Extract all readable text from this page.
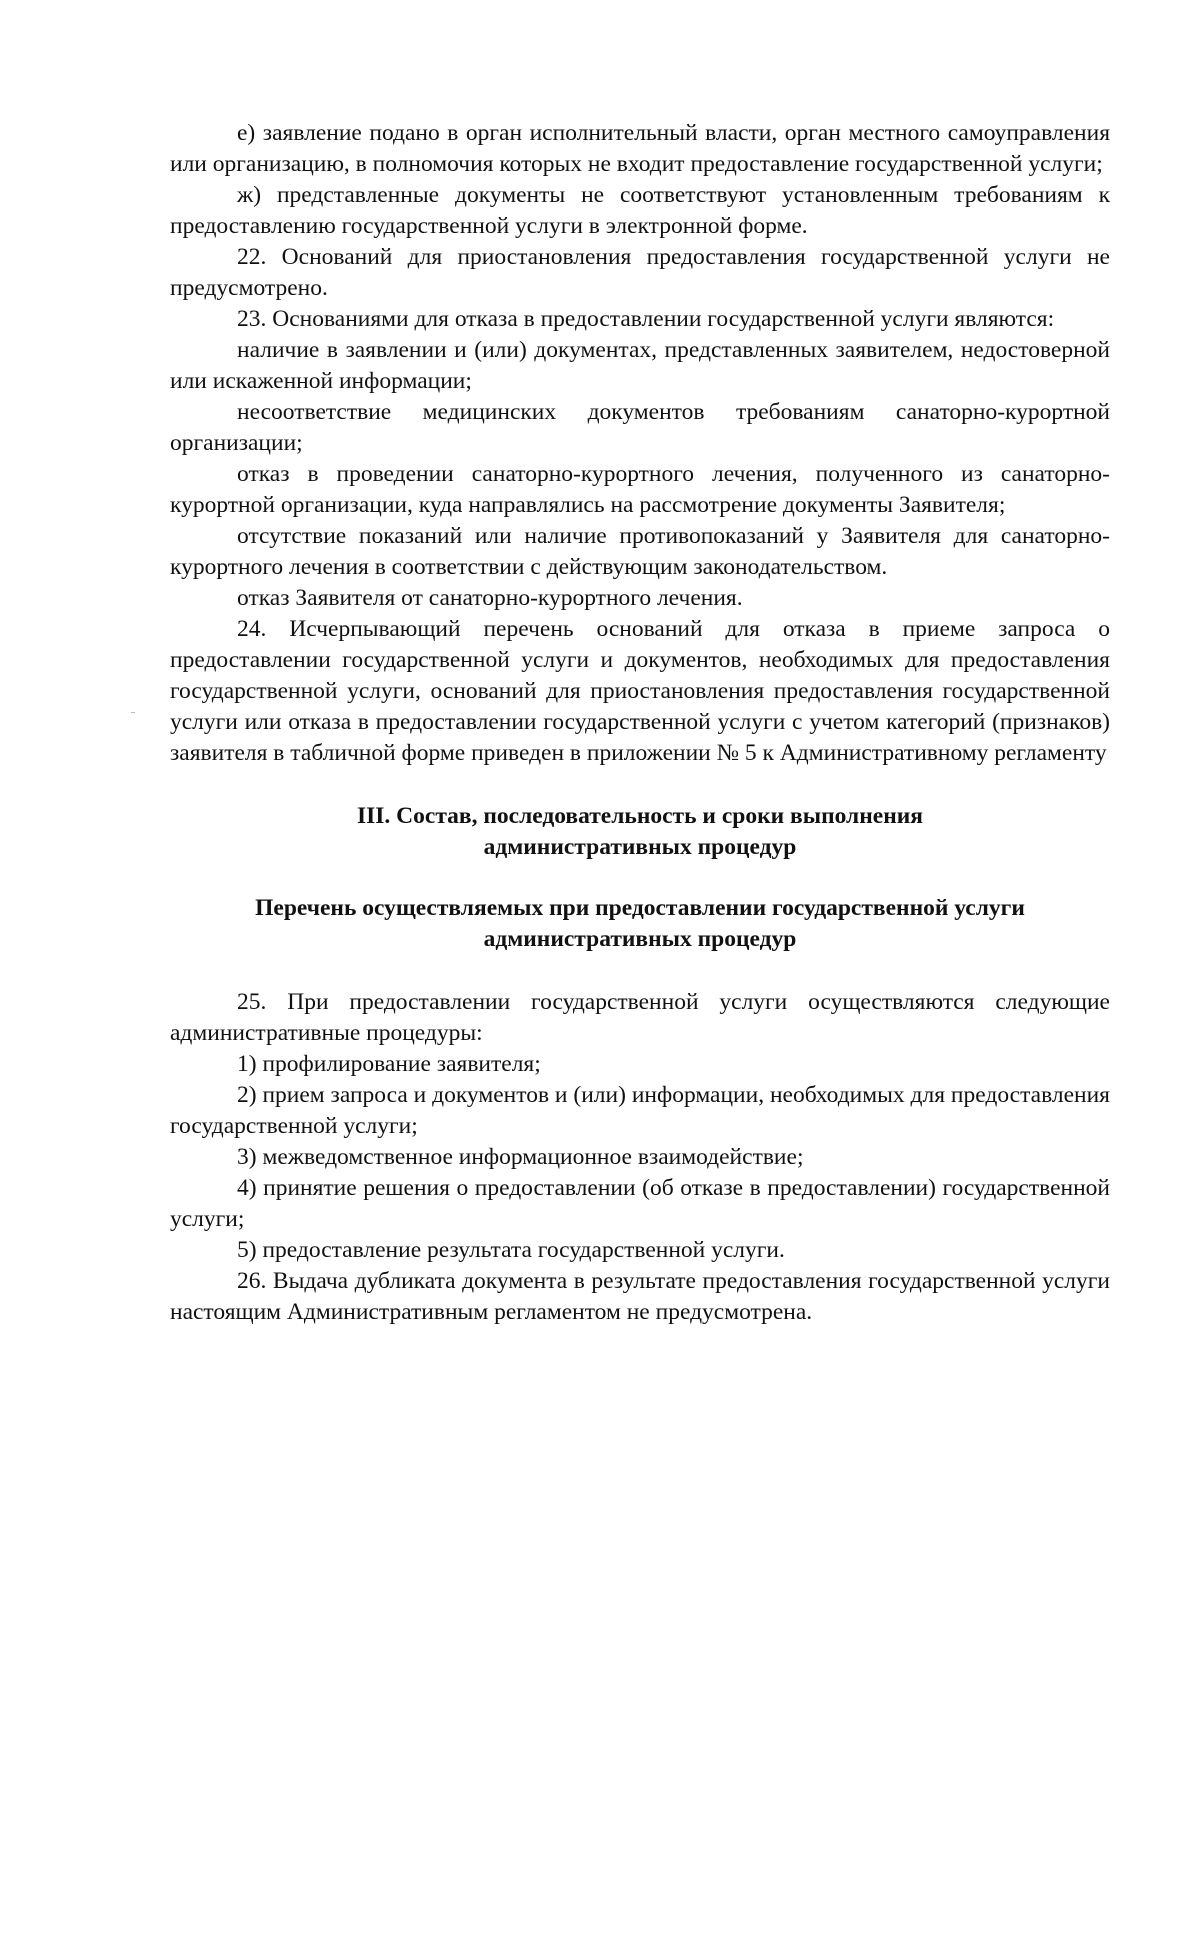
е) заявление подано в орган исполнительный власти, орган местного самоуправления или организацию, в полномочия которых не входит предоставление государственной услуги;

ж) представленные документы не соответствуют установленным требованиям к предоставлению государственной услуги в электронной форме.

22. Оснований для приостановления предоставления государственной услуги не предусмотрено.

23. Основаниями для отказа в предоставлении государственной услуги являются:

наличие в заявлении и (или) документах, представленных заявителем, недостоверной или искаженной информации;

несоответствие медицинских документов требованиям санаторно-курортной организации;

отказ в проведении санаторно-курортного лечения, полученного из санаторно-курортной организации, куда направлялись на рассмотрение документы Заявителя;

отсутствие показаний или наличие противопоказаний у Заявителя для санаторно-курортного лечения в соответствии с действующим законодательством.

отказ Заявителя от санаторно-курортного лечения.

24. Исчерпывающий перечень оснований для отказа в приеме запроса о предоставлении государственной услуги и документов, необходимых для предоставления государственной услуги, оснований для приостановления предоставления государственной услуги или отказа в предоставлении государственной услуги с учетом категорий (признаков) заявителя в табличной форме приведен в приложении № 5 к Административному регламенту

III. Состав, последовательность и сроки выполнения
административных процедур
Перечень осуществляемых при предоставлении государственной услуги
административных процедур

25. При предоставлении государственной услуги осуществляются следующие административные процедуры:

1) профилирование заявителя;

2) прием запроса и документов и (или) информации, необходимых для предоставления государственной услуги;

3) межведомственное информационное взаимодействие;

4) принятие решения о предоставлении (об отказе в предоставлении) государственной услуги;

5) предоставление результата государственной услуги.

26. Выдача дубликата документа в результате предоставления государственной услуги настоящим Административным регламентом не предусмотрена.
